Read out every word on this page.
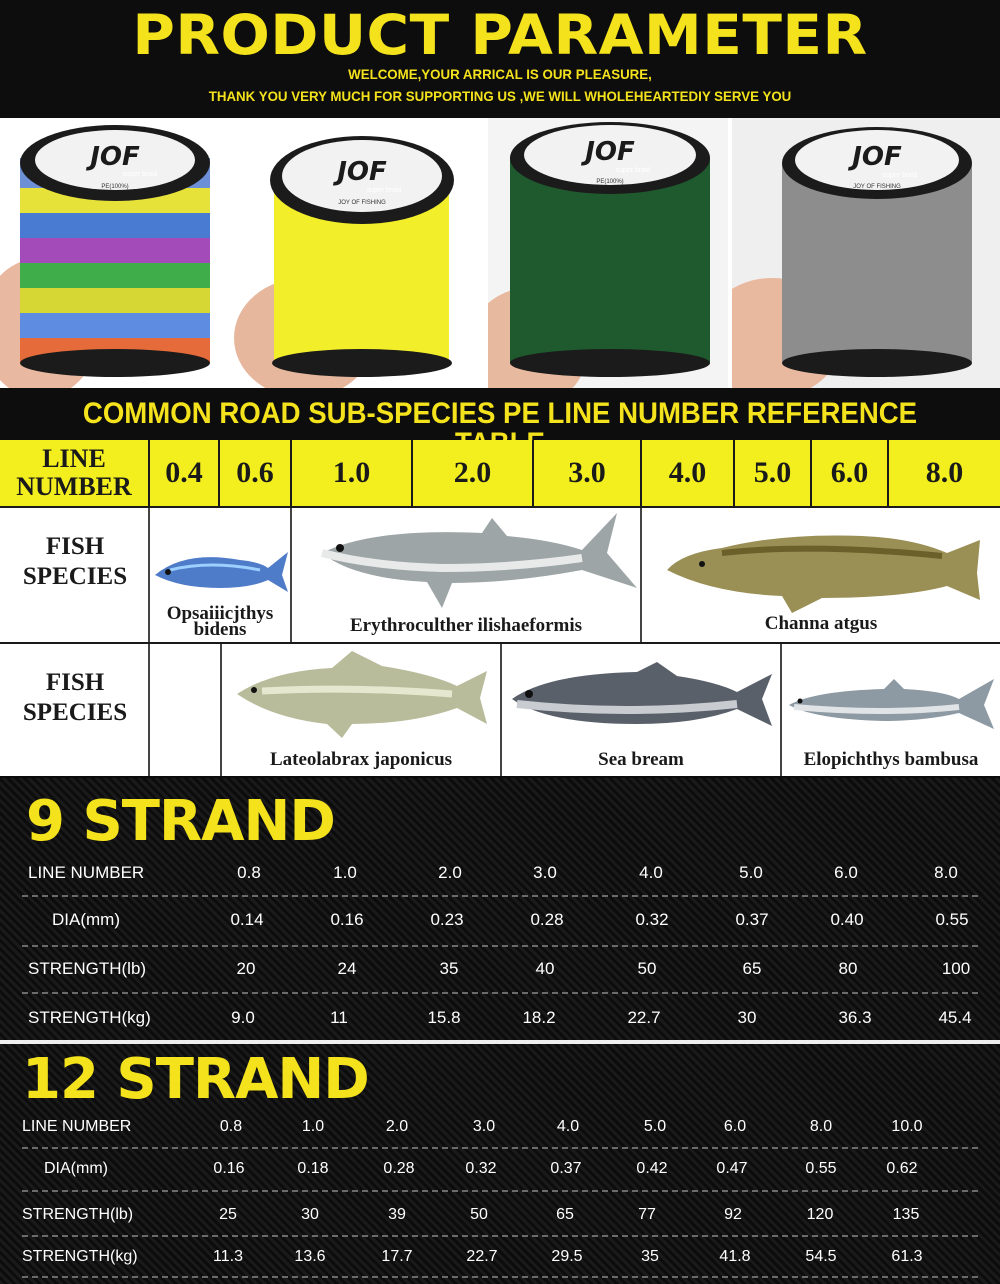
PRODUCT PARAMETER
WELCOME,YOUR ARRICAL IS OUR PLEASURE,
THANK YOU VERY MUCH FOR SUPPORTING US ,WE WILL WHOLEHEARTEDIY SERVE YOU
JOF
super braid
PE(100%)	JOF
super braid
JOY OF FISHING
JOF
super braid
PE(100%)
JOF
super braid
JOY OF FISHING
COMMON ROAD SUB-SPECIES PE LINE NUMBER REFERENCE
LINE
NUMBER	0.4	0.6	1.0	2.0	3.0	4.0	5.0	6.0	8.0
FISH
SPECIES
Opsaiiicjthys
bidens	Erythroculther ilishaeformis	Channa atgus
FISH
SPECIES
Lateolabrax japonicus	Sea bream	Elopichthys bambusa
9 STRAND
LINE NUMBER	0.8	1.0	2.0	3.0	4.0	5.0	6.0	8.0
DIA(mm)	0.14	0.16	0.23	0.28	0.32	0.37	0.40	0.55
STRENGTH(lb)	20	24	35	40	50	65	80	100
STRENGTH(kg)	9.0	11	15.8	18.2	22.7	30	36.3	45.4
12 STRAND
LINE NUMBER	0.8	1.0	2.0	3.0	4.0	5.0	6.0	8.0	10.0
DIA(mm)	0.16	0.18	0.28	0.32	0.37	0.42	0.47	0.55	0.62
STRENGTH(lb)	25	30	39	50	65	77	92	120	135
STRENGTH(kg)	11.3	13.6	17.7	22.7	29.5	35	41.8	54.5	61.3
